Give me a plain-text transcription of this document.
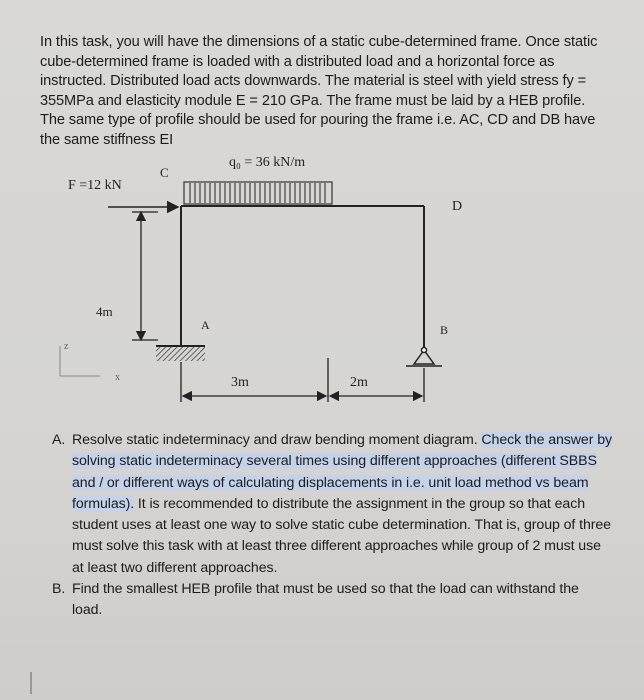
In this task, you will have the dimensions of a static cube-determined frame. Once static cube-determined frame is loaded with a distributed load and a horizontal force as instructed. Distributed load acts downwards. The material is steel with yield stress fy = 355MPa and elasticity module E = 210 GPa. The frame must be laid by a HEB profile. The same type of profile should be used for pouring the frame i.e. AC, CD and DB have the same stiffness EI

q₀ = 36 kN/m
C
F =12 kN
D
4m
A	B
z
x	3m	2m

A. Resolve static indeterminacy and draw bending moment diagram. Check the answer by solving static indeterminacy several times using different approaches (different SBBS and / or different ways of calculating displacements in i.e. unit load method vs beam formulas). It is recommended to distribute the assignment in the group so that each student uses at least one way to solve static cube determination. That is, group of three must solve this task with at least three different approaches while group of 2 must use at least two different approaches.

B. Find the smallest HEB profile that must be used so that the load can withstand the load.
